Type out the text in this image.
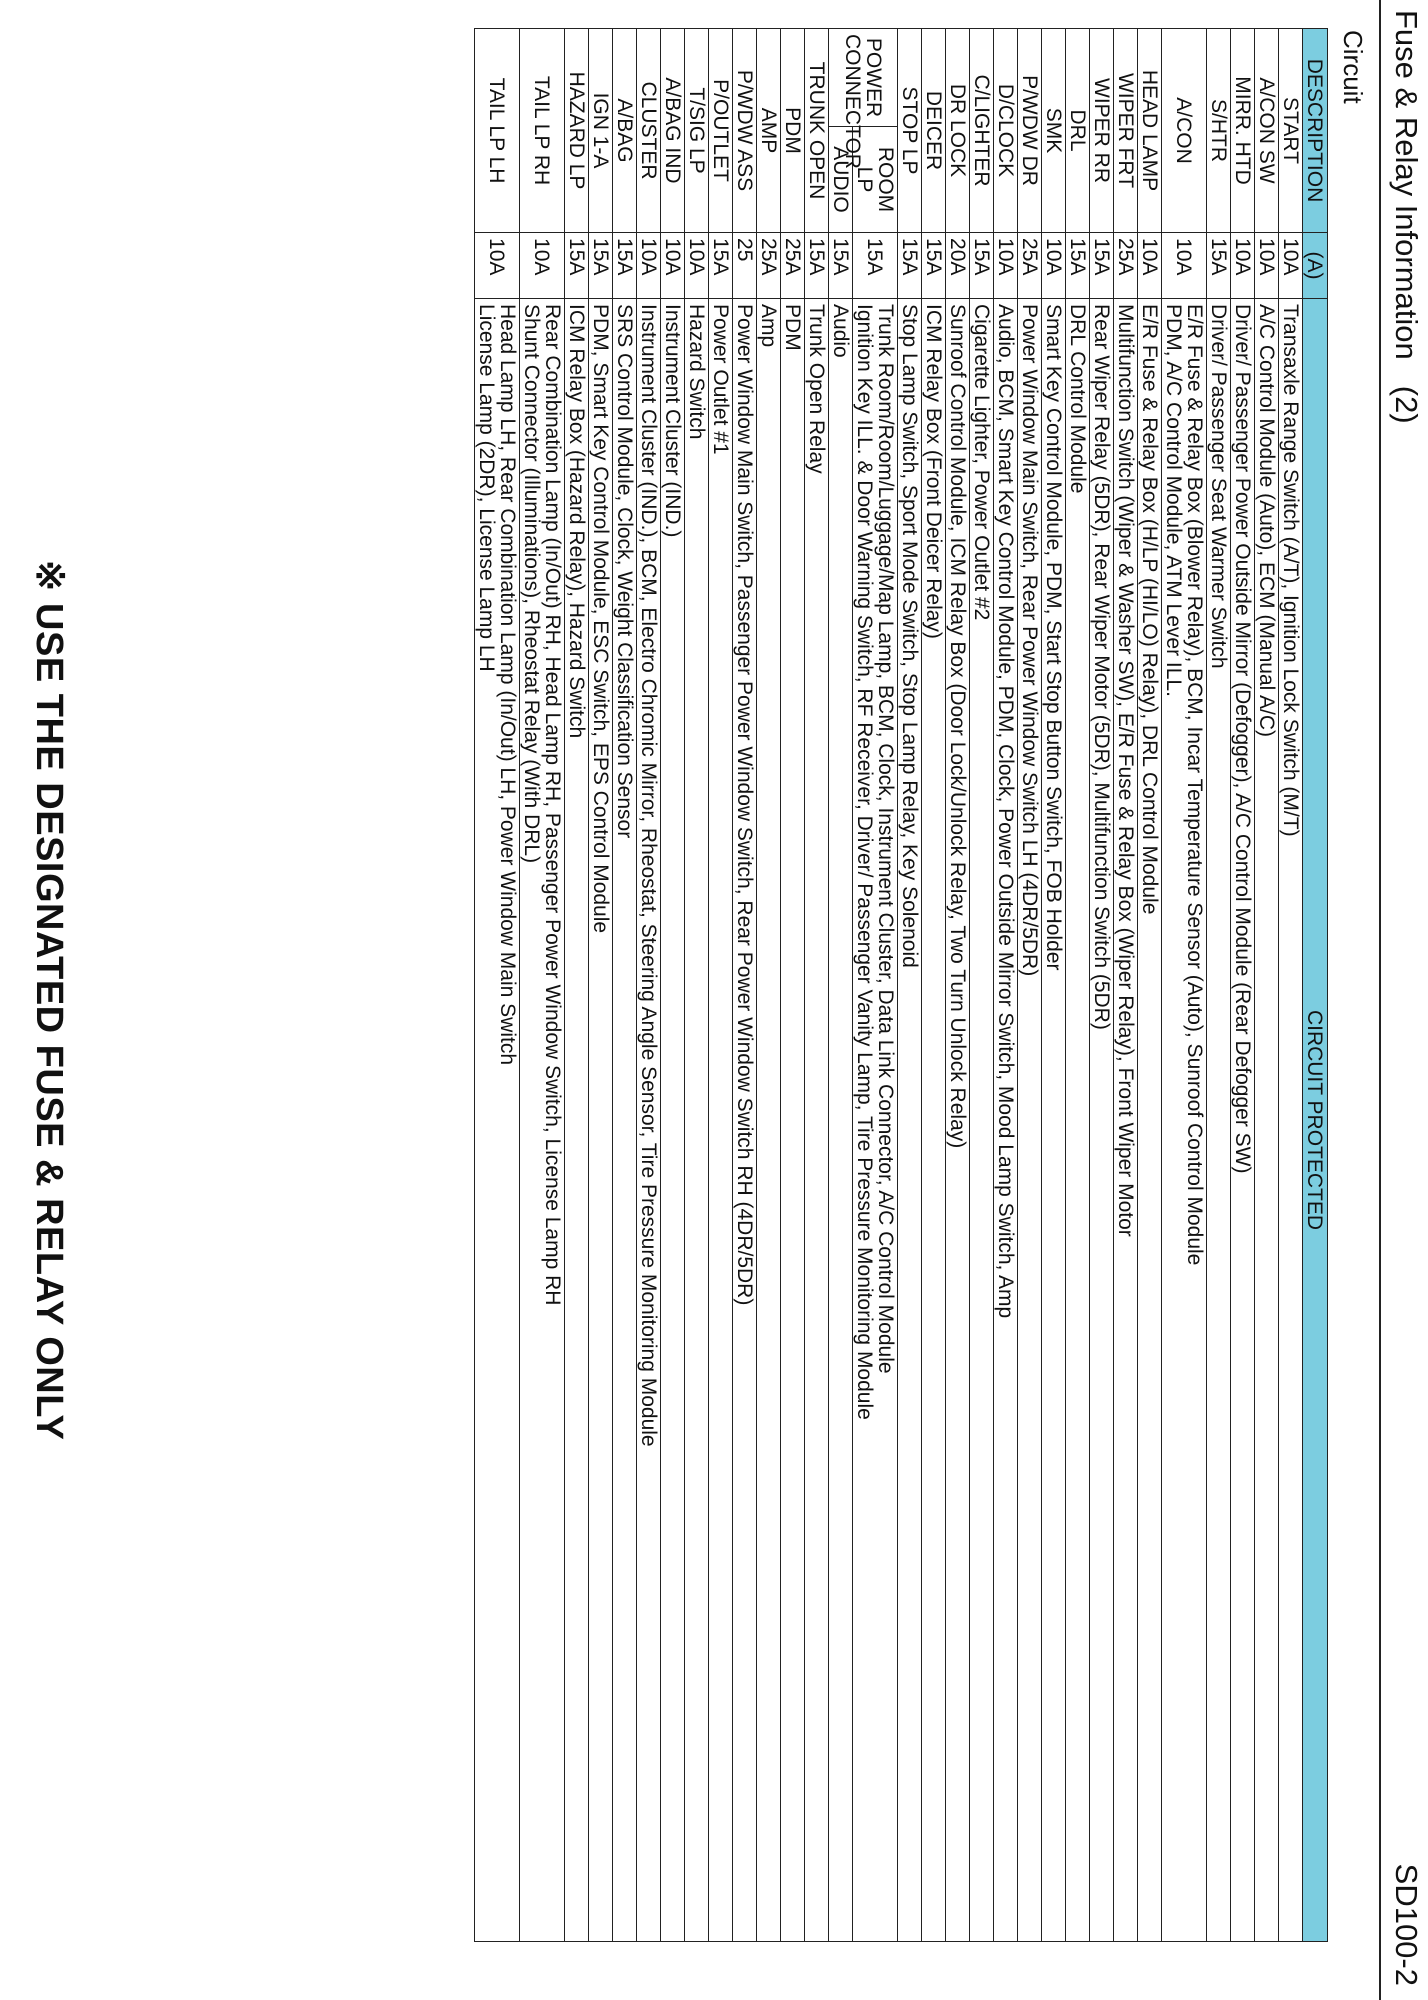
Fuse & Relay Information(2)
SD100-2
Circuit
DESCRIPTION		(A)	CIRCUIT PROTECTED
START		10A	Transaxle Range Switch (A/T), Ignition Lock Switch (M/T)
A/CON SW		10A	A/C Control Module (Auto), ECM (Manual A/C)
MIRR. HTD		10A	Driver/ Passenger Power Outside Mirror (Defogger), A/C Control Module (Rear Defogger SW)
S/HTR		15A	Driver/ Passenger Seat Warmer Switch
A/CON		10A	E/R Fuse & Relay Box (Blower Relay), BCM, Incar Temperature Sensor (Auto), Sunroof Control Module
PDM, A/C Control Module, ATM Lever ILL.
HEAD LAMP		10A	E/R Fuse & Relay Box (H/LP (HI/LO) Relay), DRL Control Module
WIPER FRT		25A	Multifunction Switch (Wiper & Washer SW), E/R Fuse & Relay Box (Wiper Relay), Front Wiper Motor
WIPER RR		15A	Rear Wiper Relay (5DR), Rear Wiper Motor (5DR), Multifunction Switch (5DR)
DRL		15A	DRL Control Module
SMK		10A	Smart Key Control Module, PDM, Start Stop Button Switch, FOB Holder
P/WDW DR		25A	Power Window Main Switch, Rear Power Window Switch LH (4DR/5DR)
D/CLOCK		10A	Audio, BCM, Smart Key Control Module, PDM, Clock, Power Outside Mirror Switch, Mood Lamp Switch, Amp
C/LIGHTER		15A	Cigarette Lighter, Power Outlet #2
DR LOCK		20A	Sunroof Control Module, ICM Relay Box (Door Lock/Unlock Relay, Two Turn Unlock Relay)
DEICER		15A	ICM Relay Box (Front Deicer Relay)
STOP LP		15A	Stop Lamp Switch, Sport Mode Switch, Stop Lamp Relay, Key Solenoid
POWER
CONNECTOR	ROOM LP	15A	Trunk Room/Room/Luggage/Map Lamp, BCM, Clock, Instrument Cluster, Data Link Connector, A/C Control Module
Ignition Key ILL. & Door Warning Switch, RF Receiver, Driver/ Passenger Vanity Lamp, Tire Pressure Monitoring Module
	AUDIO	15A	Audio
TRUNK OPEN		15A	Trunk Open Relay
PDM		25A	PDM
AMP		25A	Amp
P/WDW ASS		25	Power Window Main Switch, Passenger Power Window Switch, Rear Power Window Switch RH (4DR/5DR)
P/OUTLET		15A	Power Outlet #1
T/SIG LP		10A	Hazard Switch
A/BAG IND		10A	Instrument Cluster (IND.)
CLUSTER		10A	Instrument Cluster (IND.), BCM, Electro Chromic Mirror, Rheostat, Steering Angle Sensor, Tire Pressure Monitoring Module
A/BAG		15A	SRS Control Module, Clock, Weight Classification Sensor
IGN 1-A		15A	PDM, Smart Key Control Module, ESC Switch, EPS Control Module
HAZARD LP		15A	ICM Relay Box (Hazard Relay), Hazard Switch
TAIL LP RH		10A	Rear Combination Lamp (In/Out) RH, Head Lamp RH, Passenger Power Window Switch, License Lamp RH
Shunt Connector (Illuminations), Rheostat Relay (With DRL)
TAIL LP LH		10A	Head Lamp LH, Rear Combination Lamp (In/Out) LH, Power Window Main Switch
License Lamp (2DR), License Lamp LH
※ USE THE DESIGNATED FUSE & RELAY ONLY
